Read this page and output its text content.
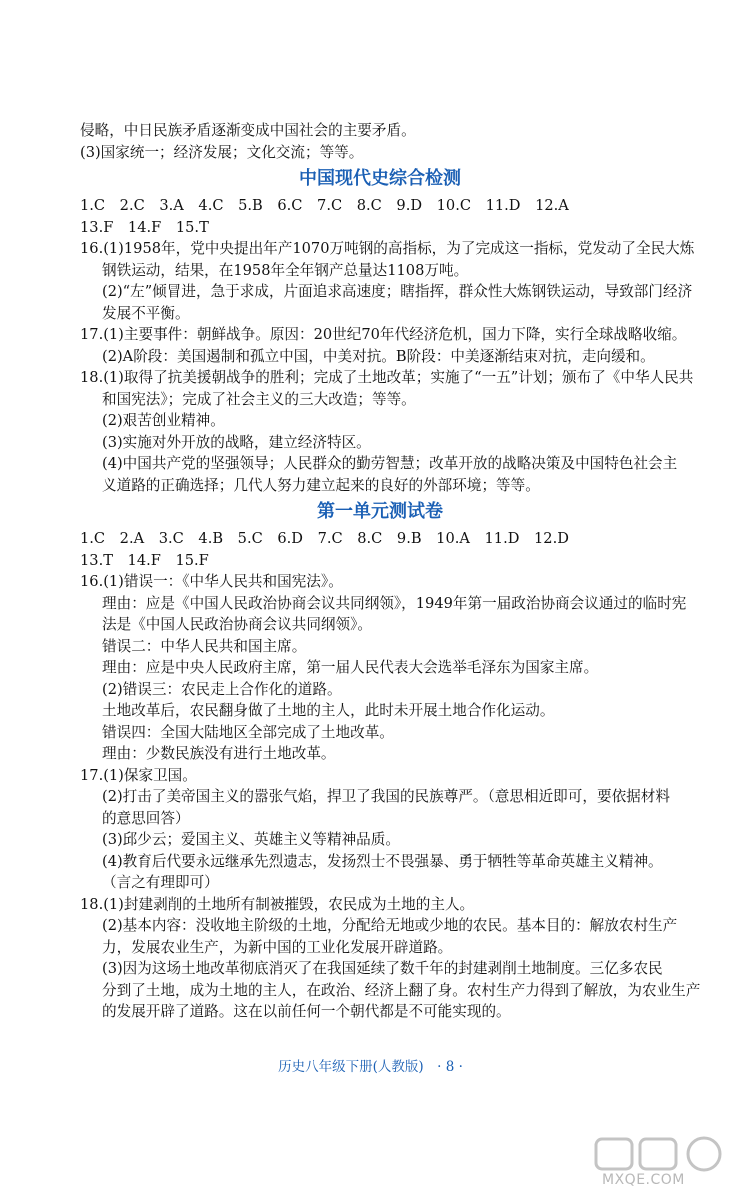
侵略，中日民族矛盾逐渐变成中国社会的主要矛盾。
(3)国家统一；经济发展；文化交流；等等。
中国现代史综合检测
1.C　2.C　3.A　4.C　5.B　6.C　7.C　8.C　9.D　10.C　11.D　12.A
13.F　14.F　15.T
16.(1)1958年，党中央提出年产1070万吨钢的高指标，为了完成这一指标，党发动了全民大炼
钢铁运动，结果，在1958年全年钢产总量达1108万吨。
(2)“左”倾冒进，急于求成，片面追求高速度；瞎指挥，群众性大炼钢铁运动，导致部门经济
发展不平衡。
17.(1)主要事件：朝鲜战争。原因：20世纪70年代经济危机，国力下降，实行全球战略收缩。
(2)A阶段：美国遏制和孤立中国，中美对抗。B阶段：中美逐渐结束对抗，走向缓和。
18.(1)取得了抗美援朝战争的胜利；完成了土地改革；实施了“一五”计划；颁布了《中华人民共
和国宪法》；完成了社会主义的三大改造；等等。
(2)艰苦创业精神。
(3)实施对外开放的战略，建立经济特区。
(4)中国共产党的坚强领导；人民群众的勤劳智慧；改革开放的战略决策及中国特色社会主
义道路的正确选择；几代人努力建立起来的良好的外部环境；等等。
第一单元测试卷
1.C　2.A　3.C　4.B　5.C　6.D　7.C　8.C　9.B　10.A　11.D　12.D
13.T　14.F　15.F
16.(1)错误一：《中华人民共和国宪法》。
理由：应是《中国人民政治协商会议共同纲领》，1949年第一届政治协商会议通过的临时宪
法是《中国人民政治协商会议共同纲领》。
错误二：中华人民共和国主席。
理由：应是中央人民政府主席，第一届人民代表大会选举毛泽东为国家主席。
(2)错误三：农民走上合作化的道路。
土地改革后，农民翻身做了土地的主人，此时未开展土地合作化运动。
错误四：全国大陆地区全部完成了土地改革。
理由：少数民族没有进行土地改革。
17.(1)保家卫国。
(2)打击了美帝国主义的嚣张气焰，捍卫了我国的民族尊严。（意思相近即可，要依据材料
的意思回答）
(3)邱少云；爱国主义、英雄主义等精神品质。
(4)教育后代要永远继承先烈遗志，发扬烈士不畏强暴、勇于牺牲等革命英雄主义精神。
（言之有理即可）
18.(1)封建剥削的土地所有制被摧毁，农民成为土地的主人。
(2)基本内容：没收地主阶级的土地，分配给无地或少地的农民。基本目的：解放农村生产
力，发展农业生产，为新中国的工业化发展开辟道路。
(3)因为这场土地改革彻底消灭了在我国延续了数千年的封建剥削土地制度。三亿多农民
分到了土地，成为土地的主人，在政治、经济上翻了身。农村生产力得到了解放，为农业生产
的发展开辟了道路。这在以前任何一个朝代都是不可能实现的。
历史八年级下册(人教版)　· 8 ·
MXQE.COM
